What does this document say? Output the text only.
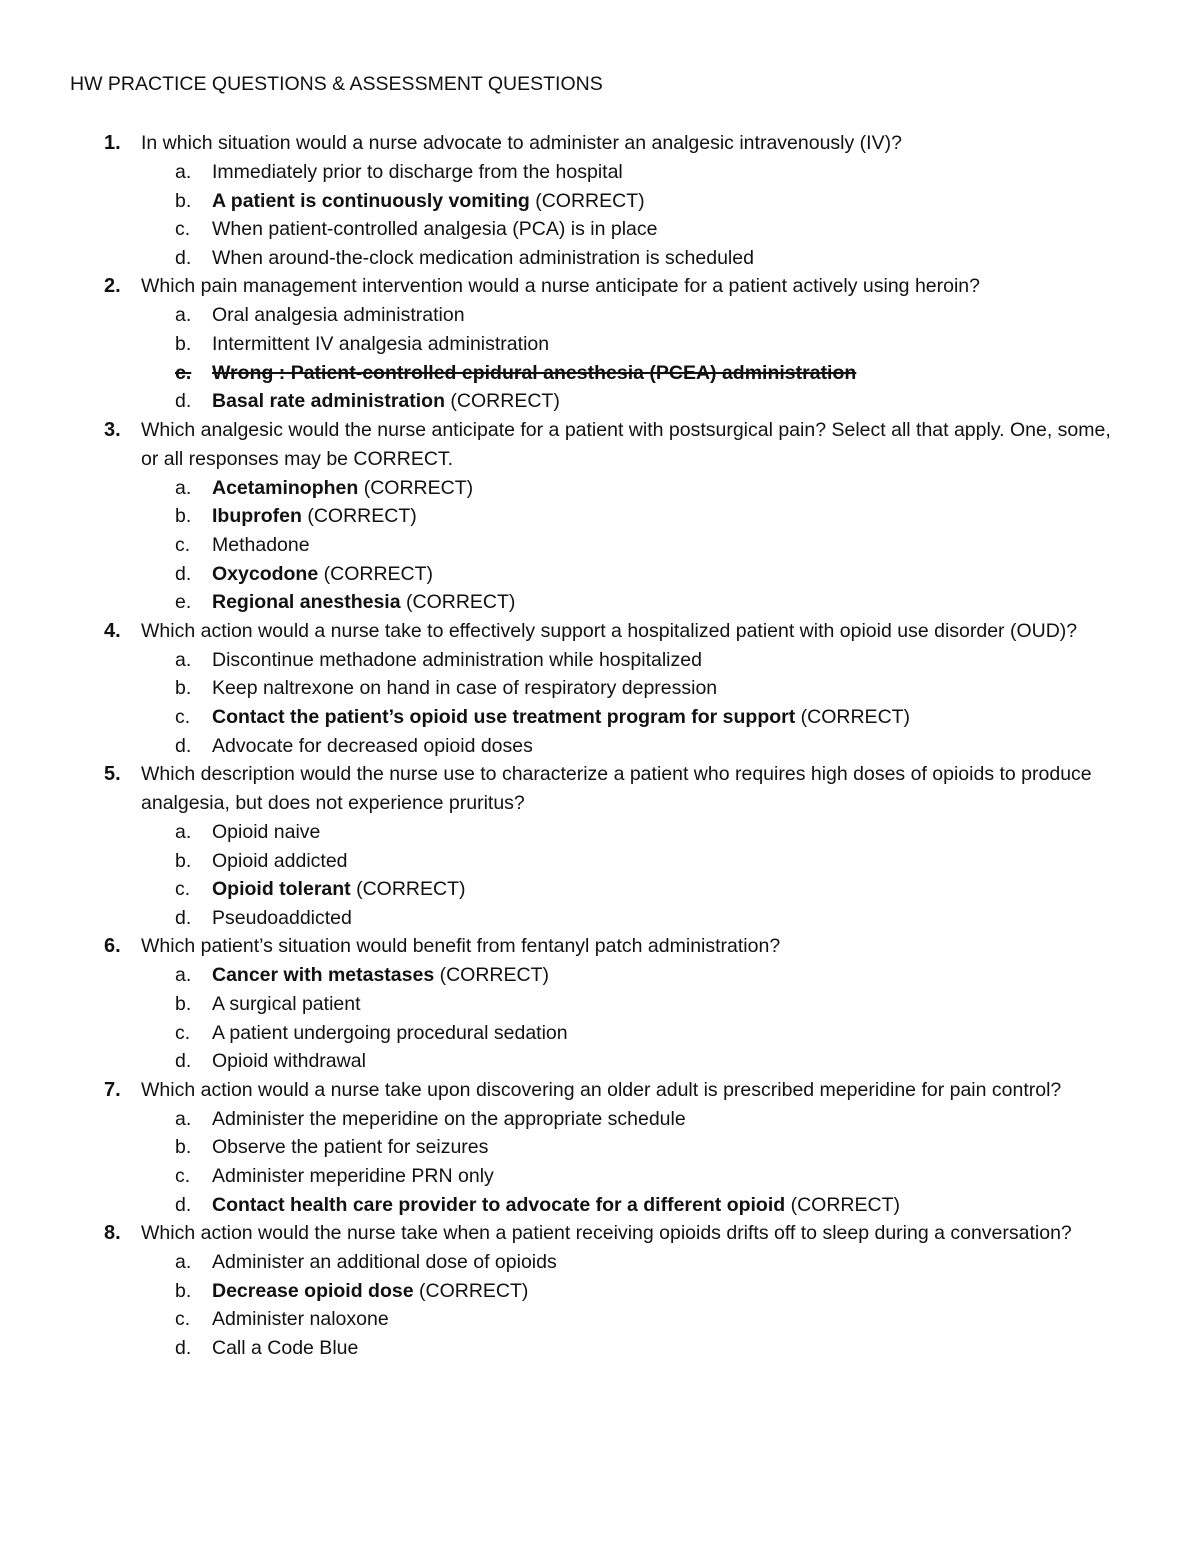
HW PRACTICE QUESTIONS & ASSESSMENT QUESTIONS
1. In which situation would a nurse advocate to administer an analgesic intravenously (IV)?
a. Immediately prior to discharge from the hospital
b. A patient is continuously vomiting (CORRECT)
c. When patient-controlled analgesia (PCA) is in place
d. When around-the-clock medication administration is scheduled
2. Which pain management intervention would a nurse anticipate for a patient actively using heroin?
a. Oral analgesia administration
b. Intermittent IV analgesia administration
c. Wrong : Patient-controlled epidural anesthesia (PCEA) administration
d. Basal rate administration (CORRECT)
3. Which analgesic would the nurse anticipate for a patient with postsurgical pain? Select all that apply. One, some, or all responses may be CORRECT.
a. Acetaminophen (CORRECT)
b. Ibuprofen (CORRECT)
c. Methadone
d. Oxycodone (CORRECT)
e. Regional anesthesia (CORRECT)
4. Which action would a nurse take to effectively support a hospitalized patient with opioid use disorder (OUD)?
a. Discontinue methadone administration while hospitalized
b. Keep naltrexone on hand in case of respiratory depression
c. Contact the patient’s opioid use treatment program for support (CORRECT)
d. Advocate for decreased opioid doses
5. Which description would the nurse use to characterize a patient who requires high doses of opioids to produce analgesia, but does not experience pruritus?
a. Opioid naive
b. Opioid addicted
c. Opioid tolerant (CORRECT)
d. Pseudoaddicted
6. Which patient’s situation would benefit from fentanyl patch administration?
a. Cancer with metastases (CORRECT)
b. A surgical patient
c. A patient undergoing procedural sedation
d. Opioid withdrawal
7. Which action would a nurse take upon discovering an older adult is prescribed meperidine for pain control?
a. Administer the meperidine on the appropriate schedule
b. Observe the patient for seizures
c. Administer meperidine PRN only
d. Contact health care provider to advocate for a different opioid (CORRECT)
8. Which action would the nurse take when a patient receiving opioids drifts off to sleep during a conversation?
a. Administer an additional dose of opioids
b. Decrease opioid dose (CORRECT)
c. Administer naloxone
d. Call a Code Blue
